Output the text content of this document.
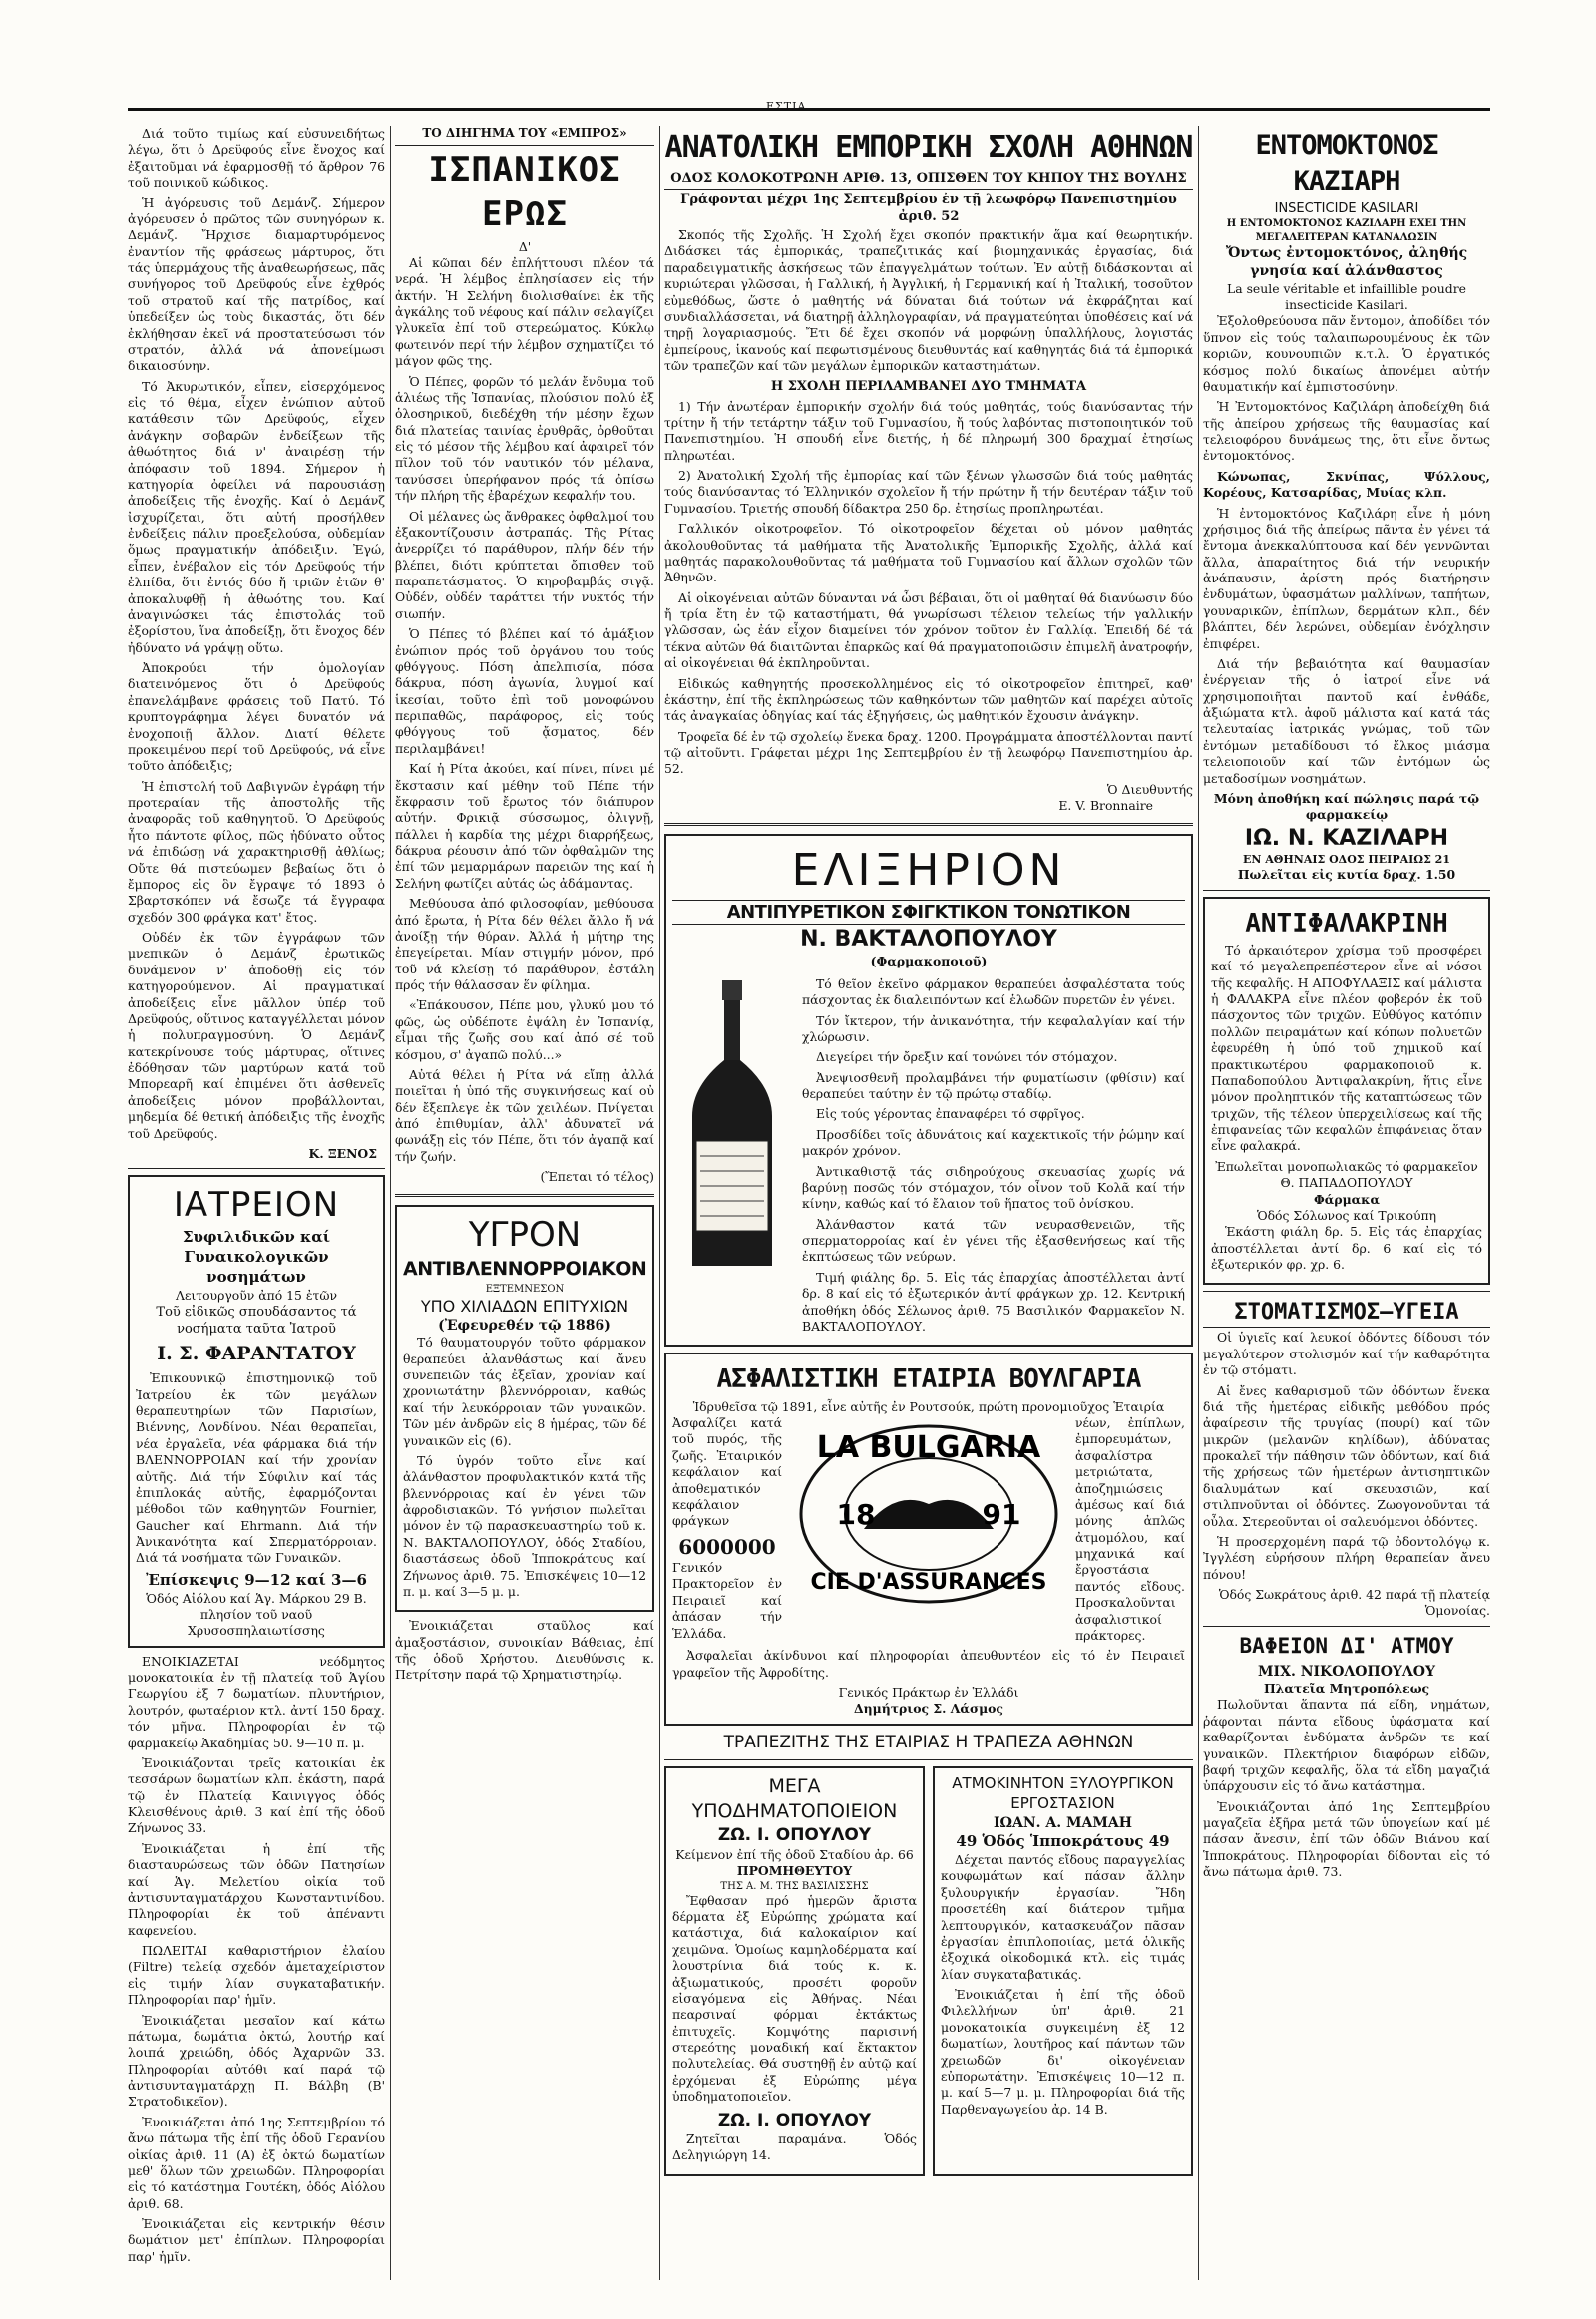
ΕΣΤΙΑ

Διά τοῦτο τιμίως καί εὐσυνειδήτως λέγω, ὅτι ὁ Δρεϋφούς εἶνε ἔνοχος καί ἐξαιτοῦμαι νά ἐφαρμοσθῇ τό ἄρθρον 76 τοῦ ποινικοῦ κώδικος.

Ἡ ἀγόρευσις τοῦ Δεμάνζ. Σήμερον ἀγόρευσεν ὁ πρῶτος τῶν συνηγόρων κ. Δεμάνζ. Ἤρχισε διαμαρτυρόμενος ἐναντίον τῆς φράσεως μάρτυρος, ὅτι τάς ὑπερμάχους τῆς ἀναθεωρήσεως, πᾶς συνήγορος τοῦ Δρεϋφούς εἶνε ἐχθρός τοῦ στρατοῦ καί τῆς πατρίδος, καί ὑπεδείξεν ὡς τοὺς δικαστάς, ὅτι δέν ἐκλήθησαν ἐκεῖ νά προστατεύσωσι τόν στρατόν, ἀλλά νά ἀπονείμωσι δικαιοσύνην.

Τό Ἀκυρωτικόν, εἶπεν, εἰσερχόμενος εἰς τό θέμα, εἶχεν ἐνώπιον αὐτοῦ κατάθεσιν τῶν Δρεϋφούς, εἶχεν ἀνάγκην σοβαρῶν ἐνδείξεων τῆς ἀθωότητος διά ν' ἀναιρέσῃ τήν ἀπόφασιν τοῦ 1894. Σήμερον ἡ κατηγορία ὀφείλει νά παρουσιάσῃ ἀποδείξεις τῆς ἐνοχῆς. Καί ὁ Δεμάνζ ἰσχυρίζεται, ὅτι αὐτή προσήλθεν ἐνδείξεις πάλιν προεξελούσα, οὐδεμίαν ὅμως πραγματικήν ἀπόδειξιν. Ἐγώ, εἶπεν, ἐνέβαλον εἰς τόν Δρεϋφούς τήν ἐλπίδα, ὅτι ἐντός δύο ἤ τριῶν ἐτῶν θ' ἀποκαλυφθῇ ἡ ἀθωότης του. Καί ἀναγινώσκει τάς ἐπιστολάς τοῦ ἐξορίστου, ἵνα ἀποδείξῃ, ὅτι ἔνοχος δέν ἠδύνατο νά γράψῃ οὕτω.

Ἀποκρούει τήν ὁμολογίαν διατεινόμενος ὅτι ὁ Δρεϋφούς ἐπανελάμβανε φράσεις τοῦ Πατύ. Τό κρυπτογράφημα λέγει δυνατόν νά ἐνοχοποιῇ ἄλλον. Διατί θέλετε προκειμένου περί τοῦ Δρεϋφούς, νά εἶνε τοῦτο ἀπόδειξις;

Ἡ ἐπιστολή τοῦ Δαβιγνῶν ἐγράφη τήν προτεραίαν τῆς ἀποστολῆς τῆς ἀναφορᾶς τοῦ καθηγητοῦ. Ὁ Δρεϋφούς ἦτο πάντοτε φίλος, πῶς ἠδύνατο οὗτος νά ἐπιδώσῃ νά χαρακτηρισθῇ ἀθλίως; Οὔτε θά πιστεύωμεν βεβαίως ὅτι ὁ ἔμπορος εἰς ὃν ἔγραψε τό 1893 ὁ Σβαρτσκόπεν νά ἔσωζε τά ἔγγραφα σχεδόν 300 φράγκα κατ' ἔτος.

Οὐδέν ἐκ τῶν ἐγγράφων τῶν μνεπικῶν ὁ Δεμάνζ ἐρωτικῶς δυνάμενον ν' ἀποδοθῇ εἰς τόν κατηγορούμενον. Αἱ πραγματικαί ἀποδείξεις εἶνε μᾶλλον ὑπέρ τοῦ Δρεϋφούς, οὕτινος καταγγέλλεται μόνον ἡ πολυπραγμοσύνη. Ὁ Δεμάνζ κατεκρίνουσε τούς μάρτυρας, οἵτινες ἐδόθησαν τῶν μαρτύρων κατά τοῦ Μπορεαρῆ καί ἐπιμένει ὅτι ἀσθενεῖς ἀποδείξεις μόνον προβάλλονται, μηδεμία δέ θετική ἀπόδειξις τῆς ἐνοχῆς τοῦ Δρεϋφούς.

Κ. ΞΕΝΟΣ
ΙΑΤΡΕΙΟΝ
Συφιλιδικῶν καί Γυναικολογικῶν νοσημάτων
Λειτουργοῦν ἀπό 15 ἐτῶν
Τοῦ εἰδικῶς σπουδάσαντος τά νοσήματα ταῦτα Ἰατροῦ
Ι. Σ. ΦΑΡΑΝΤΑΤΟΥ

Ἐπικουνικῷ ἐπιστημονικῷ τοῦ Ἰατρείου ἐκ τῶν μεγάλων θεραπευτηρίων τῶν Παρισίων, Βιέννης, Λονδίνου. Νέαι θεραπεῖαι, νέα ἐργαλεῖα, νέα φάρμακα διά τήν ΒΛΕΝΝΟΡΡΟΙΑΝ καί τήν χρονίαν αὐτῆς. Διά τήν Σύφιλιν καί τάς ἐπιπλοκάς αὐτῆς, ἐφαρμόζονται μέθοδοι τῶν καθηγητῶν Fournier, Gaucher καί Ehrmann. Διά τήν Ἀνικανότητα καί Σπερματόρροιαν. Διά τά νοσήματα τῶν Γυναικῶν.

Ἐπίσκεψις 9—12 καί 3—6
Ὁδός Αἰόλου καί Ἁγ. Μάρκου 29 Β. πλησίον τοῦ ναοῦ Χρυσοσπηλαιωτίσσης

ΕΝΟΙΚΙΑΖΕΤΑΙ νεόδμητος μονοκατοικία ἐν τῇ πλατείᾳ τοῦ Ἁγίου Γεωργίου ἐξ 7 δωματίων. πλυντήριον, λουτρόν, φωταέριον κτλ. ἀντί 150 δραχ. τόν μῆνα. Πληροφορίαι ἐν τῷ φαρμακείῳ Ἀκαδημίας 50. 9—10 π. μ.

Ἐνοικιάζονται τρεῖς κατοικίαι ἐκ τεσσάρων δωματίων κλπ. ἑκάστη, παρά τῷ ἐν Πλατείᾳ Καινιγγος ὁδός Κλεισθένους ἀριθ. 3 καί ἐπί τῆς ὁδοῦ Ζήνωνος 33.

Ἐνοικιάζεται ἡ ἐπί τῆς διασταυρώσεως τῶν ὁδῶν Πατησίων καί Ἁγ. Μελετίου οἰκία τοῦ ἀντισυνταγματάρχου Κωνσταντινίδου. Πληροφορίαι ἐκ τοῦ ἀπέναντι καφενείου.

ΠΩΛΕΙΤΑΙ καθαριστήριον ἐλαίου (Filtre) τελείᾳ σχεδόν ἀμεταχείριστον εἰς τιμήν λίαν συγκαταβατικήν. Πληροφορίαι παρ' ἡμῖν.

Ἐνοικιάζεται μεσαῖον καί κάτω πάτωμα, δωμάτια ὀκτώ, λουτήρ καί λοιπά χρειώδη, ὁδός Ἀχαρνῶν 33. Πληροφορίαι αὐτόθι καί παρά τῷ ἀντισυνταγματάρχῃ Π. Βάλβη (Β' Στρατοδικεῖον).

Ἐνοικιάζεται ἀπό 1ης Σεπτεμβρίου τό ἄνω πάτωμα τῆς ἐπί τῆς ὁδοῦ Γερανίου οἰκίας ἀριθ. 11 (Α) ἐξ ὀκτώ δωματίων μεθ' ὅλων τῶν χρειωδῶν. Πληροφορίαι εἰς τό κατάστημα Γουτέκη, ὁδός Αἰόλου ἀριθ. 68.

Ἐνοικιάζεται εἰς κεντρικήν θέσιν δωμάτιον μετ' ἐπίπλων. Πληροφορίαι παρ' ἡμῖν.

ΤΟ ΔΙΗΓΗΜΑ ΤΟΥ «ΕΜΠΡΟΣ»
ΙΣΠΑΝΙΚΟΣ ΕΡΩΣ
Δ'

Αἱ κῶπαι δέν ἐπλήττουσι πλέον τά νερά. Ἡ λέμβος ἐπλησίασεν εἰς τήν ἀκτήν. Ἡ Σελήνη διολισθαίνει ἐκ τῆς ἀγκάλης τοῦ νέφους καί πάλιν σελαγίζει γλυκεῖα ἐπί τοῦ στερεώματος. Κύκλῳ φωτεινόν περί τήν λέμβον σχηματίζει τό μάγον φῶς της.

Ὁ Πέπες, φορῶν τό μελάν ἔνδυμα τοῦ ἁλιέως τῆς Ἰσπανίας, πλούσιον πολύ ἐξ ὁλοσηρικοῦ, διεδέχθη τήν μέσην ἔχων διά πλατείας ταινίας ἐρυθρᾶς, ὀρθοῦται εἰς τό μέσον τῆς λέμβου καί ἀφαιρεῖ τόν πῖλον τοῦ τόν ναυτικόν τόν μέλανα, τανύσσει ὑπερήφανον πρός τά ὀπίσω τήν πλήρη τῆς ἐβαρέχων κεφαλήν του.

Οἱ μέλανες ὡς ἄνθρακες ὀφθαλμοί του ἐξακοντίζουσιν ἀστραπάς. Τῆς Ρίτας ἀνερρίζει τό παράθυρον, πλήν δέν τήν βλέπει, διότι κρύπτεται ὄπισθεν τοῦ παραπετάσματος. Ὁ κηροβαμβάς σιγᾷ. Οὐδέν, οὐδέν ταράττει τήν νυκτός τήν σιωπήν.

Ὁ Πέπες τό βλέπει καί τό ἁμάξιον ἐνώπιον πρός τοῦ ὀργάνου του τούς φθόγγους. Πόση ἀπελπισία, πόσα δάκρυα, πόση ἀγωνία, λυγμοί καί ἱκεσίαι, τοῦτο ἐπὶ τοῦ μονοφώνου περιπαθῶς, παράφορος, εἰς τούς φθόγγους τοῦ ᾄσματος, δέν περιλαμβάνει!

Καί ἡ Ρίτα ἀκούει, καί πίνει, πίνει μέ ἔκστασιν καί μέθην τοῦ Πέπε τήν ἔκφρασιν τοῦ ἔρωτος τόν διάπυρον αὐτήν. Φρικιᾷ σύσσωμος, ὀλιγνῇ, πάλλει ἡ καρδία της μέχρι διαρρήξεως, δάκρυα ρέουσιν ἀπό τῶν ὀφθαλμῶν της ἐπί τῶν μεμαρμάρων παρειῶν της καί ἡ Σελήνη φωτίζει αὐτάς ὡς ἀδάμαντας.

Μεθύουσα ἀπό φιλοσοφίαν, μεθύουσα ἀπό ἔρωτα, ἡ Ρίτα δέν θέλει ἄλλο ἤ νά ἀνοίξῃ τήν θύραν. Ἀλλά ἡ μήτηρ της ἐπεγείρεται. Μίαν στιγμήν μόνον, πρό τοῦ νά κλείσῃ τό παράθυρον, ἐστάλη πρός τήν θάλασσαν ἕν φίλημα.

«Ἐπάκουσον, Πέπε μου, γλυκύ μου τό φῶς, ὡς οὐδέποτε ἐψάλη ἐν Ἰσπανίᾳ, εἶμαι τῆς ζωῆς σου καί ἀπό σέ τοῦ κόσμου, σ' ἀγαπῶ πολύ...»

Αὐτά θέλει ἡ Ρίτα νά εἴπῃ ἀλλά ποιεῖται ἡ ὑπό τῆς συγκινήσεως καί οὐ δέν ἔξεπλεγε ἐκ τῶν χειλέων. Πνίγεται ἀπό ἐπιθυμίαν, ἀλλ' ἀδυνατεῖ νά φωνάξῃ εἰς τόν Πέπε, ὅτι τόν ἀγαπᾷ καί τήν ζωήν.

(Ἔπεται τό τέλος)
ΥΓΡΟΝ
ΑΝΤΙΒΛΕΝΝΟΡΡΟΙΑΚΟΝ
ΕΞΤΕΜΝΕΣΟΝ
ΥΠΟ ΧΙΛΙΑΔΩΝ ΕΠΙΤΥΧΙΩΝ
(Ἐφευρεθέν τῷ 1886)

Τό θαυματουργόν τοῦτο φάρμακον θεραπεύει ἀλανθάστως καί ἄνευ συνεπειῶν τάς ἐξεῖαν, χρονίαν καί χρονιωτάτην βλεννόρροιαν, καθώς καί τήν λευκόρροιαν τῶν γυναικῶν. Τῶν μέν ἀνδρῶν εἰς 8 ἡμέρας, τῶν δέ γυναικῶν εἰς (6).

Τό ὑγρόν τοῦτο εἶνε καί ἀλάνθαστον προφυλακτικόν κατά τῆς βλεννόρροιας καί ἐν γένει τῶν ἀφροδισιακῶν. Τό γνήσιον πωλεῖται μόνον ἐν τῷ παρασκευαστηρίῳ τοῦ κ. Ν. ΒΑΚΤΑΛΟΠΟΥΛΟΥ, ὁδός Σταδίου, διαστάσεως ὁδοῦ Ἱπποκράτους καί Ζήνωνος ἀριθ. 75. Ἐπισκέψεις 10—12 π. μ. καί 3—5 μ. μ.

Ἐνοικιάζεται σταῦλος καί ἀμαξοστάσιον, συνοικίαν Βάθειας, ἐπί τῆς ὁδοῦ Χρήστου. Διευθύνσις κ. Πετρίτσην παρά τῷ Χρηματιστηρίῳ.

ΑΝΑΤΟΛΙΚΗ ΕΜΠΟΡΙΚΗ ΣΧΟΛΗ ΑΘΗΝΩΝ
ΟΔΟΣ ΚΟΛΟΚΟΤΡΩΝΗ ΑΡΙΘ. 13, ΟΠΙΣΘΕΝ ΤΟΥ ΚΗΠΟΥ ΤΗΣ ΒΟΥΛΗΣ
Γράφονται μέχρι 1ης Σεπτεμβρίου ἐν τῇ λεωφόρῳ Πανεπιστημίου ἀριθ. 52

Σκοπός τῆς Σχολῆς. Ἡ Σχολή ἔχει σκοπόν πρακτικήν ἅμα καί θεωρητικήν. Διδάσκει τάς ἐμπορικάς, τραπεζιτικάς καί βιομηχανικάς ἐργασίας, διά παραδειγματικῆς ἀσκήσεως τῶν ἐπαγγελμάτων τούτων. Ἐν αὐτῇ διδάσκονται αἱ κυριώτεραι γλῶσσαι, ἡ Γαλλική, ἡ Ἀγγλική, ἡ Γερμανική καί ἡ Ἰταλική, τοσοῦτον εὐμεθόδως, ὥστε ὁ μαθητής νά δύναται διά τούτων νά ἐκφράζηται καί συνδιαλλάσσεται, νά διατηρῇ ἀλληλογραφίαν, νά πραγματεύηται ὑποθέσεις καί νά τηρῇ λογαριασμούς. Ἔτι δέ ἔχει σκοπόν νά μορφώνῃ ὑπαλλήλους, λογιστάς ἐμπείρους, ἱκανούς καί πεφωτισμένους διευθυντάς καί καθηγητάς διά τά ἐμπορικά τῶν τραπεζῶν καί τῶν μεγάλων ἐμπορικῶν καταστημάτων.

Η ΣΧΟΛΗ ΠΕΡΙΛΑΜΒΑΝΕΙ ΔΥΟ ΤΜΗΜΑΤΑ

1) Τήν ἀνωτέραν ἐμπορικήν σχολήν διά τούς μαθητάς, τούς διανύσαντας τήν τρίτην ἤ τήν τετάρτην τάξιν τοῦ Γυμνασίου, ἤ τούς λαβόντας πιστοποιητικόν τοῦ Πανεπιστημίου. Ἡ σπουδή εἶνε διετής, ἡ δέ πληρωμή 300 δραχμαί ἐτησίως πληρωτέαι.

2) Ἀνατολική Σχολή τῆς ἐμπορίας καί τῶν ξένων γλωσσῶν διά τούς μαθητάς τούς διανύσαντας τό Ἑλληνικόν σχολεῖον ἤ τήν πρώτην ἤ τήν δευτέραν τάξιν τοῦ Γυμνασίου. Τριετής σπουδή δίδακτρα 250 δρ. ἐτησίως προπληρωτέαι.

Γαλλικόν οἰκοτροφεῖον. Τό οἰκοτροφεῖον δέχεται οὐ μόνον μαθητάς ἀκολουθοῦντας τά μαθήματα τῆς Ἀνατολικῆς Ἐμπορικῆς Σχολῆς, ἀλλά καί μαθητάς παρακολουθοῦντας τά μαθήματα τοῦ Γυμνασίου καί ἄλλων σχολῶν τῶν Ἀθηνῶν.

Αἱ οἰκογένειαι αὐτῶν δύνανται νά ὦσι βέβαιαι, ὅτι οἱ μαθηταί θά διανύωσιν δύο ἤ τρία ἔτη ἐν τῷ καταστήματι, θά γνωρίσωσι τέλειον τελείως τήν γαλλικήν γλῶσσαν, ὡς ἐάν εἶχον διαμείνει τόν χρόνον τοῦτον ἐν Γαλλίᾳ. Ἐπειδή δέ τά τέκνα αὐτῶν θά διαιτῶνται ἐπαρκῶς καί θά πραγματοποιῶσιν ἐπιμελῆ ἀνατροφήν, αἱ οἰκογένειαι θά ἐκπληροῦνται.

Εἰδικώς καθηγητής προσεκολλημένος εἰς τό οἰκοτροφεῖον ἐπιτηρεῖ, καθ' ἑκάστην, ἐπί τῆς ἐκπληρώσεως τῶν καθηκόντων τῶν μαθητῶν καί παρέχει αὐτοῖς τάς ἀναγκαίας ὁδηγίας καί τάς ἐξηγήσεις, ὡς μαθητικόν ἔχουσιν ἀνάγκην.

Τροφεῖα δέ ἐν τῷ σχολείῳ ἕνεκα δραχ. 1200. Προγράμματα ἀποστέλλονται παντί τῷ αἰτοῦντι. Γράφεται μέχρι 1ης Σεπτεμβρίου ἐν τῇ λεωφόρῳ Πανεπιστημίου ἀρ. 52.

Ὁ Διευθυντής
E. V. Bronnaire
ΕΛΙΞΗΡΙΟΝ
ΑΝΤΙΠΥΡΕΤΙΚΟΝ ΣΦΙΓΚΤΙΚΟΝ ΤΟΝΩΤΙΚΟΝ
Ν. ΒΑΚΤΑΛΟΠΟΥΛΟΥ
(Φαρμακοποιοῦ)

Τό θεῖον ἐκεῖνο φάρμακον θεραπεύει ἀσφαλέστατα τούς πάσχοντας ἐκ διαλειπόντων καί ἑλωδῶν πυρετῶν ἐν γένει.

Τόν ἴκτερον, τήν ἀνικανότητα, τήν κεφαλαλγίαν καί τήν χλώρωσιν.

Διεγείρει τήν ὄρεξιν καί τονώνει τόν στόμαχον.

Ἀνεψιοσθενῆ προλαμβάνει τήν φυματίωσιν (φθίσιν) καί θεραπεύει ταύτην ἐν τῷ πρώτῳ σταδίῳ.

Εἰς τούς γέροντας ἐπαναφέρει τό σφρῖγος.

Προσδίδει τοῖς ἀδυνάτοις καί καχεκτικοῖς τήν ῥώμην καί μακρόν χρόνον.

Ἀντικαθιστᾷ τάς σιδηρούχους σκευασίας χωρίς νά βαρύνῃ ποσῶς τόν στόμαχον, τόν οἶνον τοῦ Κολᾶ καί τήν κίνην, καθώς καί τό ἔλαιον τοῦ ἥπατος τοῦ ὀνίσκου.

Ἀλάνθαστον κατά τῶν νευρασθενειῶν, τῆς σπερματορροίας καί ἐν γένει τῆς ἐξασθενήσεως καί τῆς ἐκπτώσεως τῶν νεύρων.

Τιμή φιάλης δρ. 5. Εἰς τάς ἐπαρχίας ἀποστέλλεται ἀντί δρ. 8 καί εἰς τό ἐξωτερικόν ἀντί φράγκων χρ. 12. Κεντρική ἀποθήκη ὁδός Σέλωνος ἀριθ. 75 Βασιλικόν Φαρμακεῖον Ν. ΒΑΚΤΑΛΟΠΟΥΛΟΥ.

ΑΣΦΑΛΙΣΤΙΚΗ ΕΤΑΙΡΙΑ ΒΟΥΛΓΑΡΙΑ
Ἱδρυθεῖσα τῷ 1891, εἶνε αὐτῆς ἐν Ρουτσούκ, πρώτη προνομιοῦχος Ἑταιρία

Ἀσφαλίζει κατά τοῦ πυρός, τῆς ζωῆς. Ἑταιρικόν κεφάλαιον καί ἀποθεματικόν κεφάλαιον φράγκων

6000000

Γενικόν Πρακτορεῖον ἐν Πειραιεῖ καί ἀπάσαν τήν Ἑλλάδα.

LA BULGARIA
18	91
CIE D'ASSURANCES

νέων, ἐπίπλων, ἐμπορευμάτων, ἀσφαλίστρα μετριώτατα, ἀποζημιώσεις ἀμέσως καί διά μόνης ἀπλῶς ἀτμομόλου, καί μηχανικά καί ἔργοστάσια παντός εἴδους. Προσκαλοῦνται ἀσφαλιστικοί πράκτορες.

Ἀσφαλεῖαι ἀκίνδυνοι καί πληροφορίαι ἀπευθυντέον εἰς τό ἐν Πειραιεῖ γραφεῖον τῆς Ἀφροδίτης.

Γενικός Πράκτωρ ἐν Ἑλλάδι
Δημήτριος Σ. Λάσμος
ΤΡΑΠΕΖΙΤΗΣ ΤΗΣ ΕΤΑΙΡΙΑΣ Η ΤΡΑΠΕΖΑ ΑΘΗΝΩΝ
ΜΕΓΑ ΥΠΟΔΗΜΑΤΟΠΟΙΕΙΟΝ
ΖΩ. Ι. ΟΠΟΥΛΟΥ
Κείμενον ἐπί τῆς ὁδοῦ Σταδίου ἀρ. 66
ΠΡΟΜΗΘΕΥΤΟΥ
ΤΗΣ Α. Μ. ΤΗΣ ΒΑΣΙΛΙΣΣΗΣ

Ἔφθασαν πρό ἡμερῶν ἄριστα δέρματα ἐξ Εὐρώπης χρώματα καί κατάστιχα, διά καλοκαίριον καί χειμῶνα. Ὁμοίως καμηλοδέρματα καί λουστρίνια διά τούς κ. κ. ἀξιωματικούς, προσέτι φοροῦν εἰσαγόμενα εἰς Ἀθήνας. Νέαι πεαρσιναί φόρμαι ἐκτάκτως ἐπιτυχεῖς. Κομψότης παρισινή στερεότης μοναδική καί ἔκτακτον πολυτελείας. Θά συστηθῇ ἐν αὐτῷ καί ἐρχόμεναι ἐξ Εὐρώπης μέγα ὑποδηματοποιεῖον.

ΖΩ. Ι. ΟΠΟΥΛΟΥ

Ζητεῖται παραμάνα. Ὁδός Δεληγιώργη 14.

ΑΤΜΟΚΙΝΗΤΟΝ ΞΥΛΟΥΡΓΙΚΟΝ ΕΡΓΟΣΤΑΣΙΟΝ
ΙΩΑΝ. Α. ΜΑΜΑΗ
49 Ὁδός Ἱπποκράτους 49

Δέχεται παντός εἴδους παραγγελίας κουφωμάτων καί πάσαν ἄλλην ξυλουργικήν ἐργασίαν. Ἤδη προσετέθη καί διάτερον τμῆμα λεπτουργικόν, κατασκευάζον πᾶσαν ἐργασίαν ἐπιπλοποιίας, μετά ὁλικῆς ἐξοχικά οἰκοδομικά κτλ. εἰς τιμάς λίαν συγκαταβατικάς.

Ἐνοικιάζεται ἡ ἐπί τῆς ὁδοῦ Φιλελλήνων ὑπ' ἀριθ. 21 μονοκατοικία συγκειμένη ἐξ 12 δωματίων, λουτῆρος καί πάντων τῶν χρειωδῶν δι' οἰκογένειαν εὐπορωτάτην. Ἐπισκέψεις 10—12 π. μ. καί 5—7 μ. μ. Πληροφορίαι διά τῆς Παρθεναγωγείου ἀρ. 14 Β.

ΕΝΤΟΜΟΚΤΟΝΟΣ ΚΑΖΙΑΡΗ
INSECTICIDE KASILARI
Η ΕΝΤΟΜΟΚΤΟΝΟΣ ΚΑΖΙΛΑΡΗ ΕΧΕΙ ΤΗΝ ΜΕΓΑΛΕΙΤΕΡΑΝ ΚΑΤΑΝΑΛΩΣΙΝ
Ὄντως ἐντομοκτόνος, ἀληθής γνησία καί ἀλάνθαστος
La seule véritable et infaillible poudre insecticide Kasilari.

Ἐξολοθρεύουσα πᾶν ἔντομον, ἀποδίδει τόν ὕπνον εἰς τούς ταλαιπωρουμένους ἐκ τῶν κοριῶν, κουνουπιῶν κ.τ.λ. Ὁ ἐργατικός κόσμος πολύ δικαίως ἀπονέμει αὐτήν θαυματικήν καί ἐμπιστοσύνην.

Ἡ Ἐντομοκτόνος Καζιλάρη ἀποδείχθη διά τῆς ἀπείρου χρήσεως τῆς θαυμασίας καί τελειοφόρου δυνάμεως της, ὅτι εἶνε ὄντως ἐντομοκτόνος.

Κώνωπας, Σκνίπας, Ψύλλους, Κορέους, Κατσαρίδας, Μυίας κλπ.

Ἡ ἐντομοκτόνος Καζιλάρη εἶνε ἡ μόνη χρήσιμος διά τῆς ἀπείρως πᾶντα ἐν γένει τά ἔντομα ἀνεκκαλύπτουσα καί δέν γεννῶνται ἄλλα, ἀπαραίτητος διά τήν νευρικήν ἀνάπαυσιν, ἀρίστη πρός διατήρησιν ἐνδυμάτων, ὑφασμάτων μαλλίνων, ταπήτων, γουναρικῶν, ἐπίπλων, δερμάτων κλπ., δέν βλάπτει, δέν λερώνει, οὐδεμίαν ἐνόχλησιν ἐπιφέρει.

Διά τήν βεβαιότητα καί θαυμασίαν ἐνέργειαν τῆς ὁ ἰατροί εἶνε νά χρησιμοποιῆται παντοῦ καί ἐνθάδε, ἀξιώματα κτλ. ἀφοῦ μάλιστα καί κατά τάς τελευταίας ἰατρικάς γνώμας, τοῦ τῶν ἐντόμων μεταδίδουσι τό ἕλκος μιάσμα τελειοποιοῦν καί τῶν ἐντόμων ὡς μεταδοσίμων νοσημάτων.

Μόνη ἀποθήκη καί πώλησις παρά τῷ φαρμακείῳ
ΙΩ. Ν. ΚΑΖΙΛΑΡΗ
ΕΝ ΑΘΗΝΑΙΣ ΟΔΟΣ ΠΕΙΡΑΙΩΣ 21
Πωλεῖται εἰς κυτία δραχ. 1.50
ΑΝΤΙΦΑΛΑΚΡΙΝΗ

Τό ἀρκαιότερον χρίσμα τοῦ προσφέρει καί τό μεγαλεπρεπέστερον εἶνε αἱ νόσοι τῆς κεφαλῆς. Η ΑΠΟΦΥΛΑΞΙΣ καί μάλιστα ἡ ΦΑΛΑΚΡΑ εἶνε πλέον φοβερόν ἐκ τοῦ πάσχοντος τῶν τριχῶν. Εὐθύγος κατόπιν πολλῶν πειραμάτων καί κόπων πολυετῶν ἐφευρέθη ἡ ὑπό τοῦ χημικοῦ καί πρακτικωτέρου φαρμακοποιοῦ κ. Παπαδοπούλου Ἀντιφαλακρίνη, ἥτις εἶνε μόνον προληπτικόν τῆς καταπτώσεως τῶν τριχῶν, τῆς τέλεον ὑπερχειλίσεως καί τῆς ἐπιφανείας τῶν κεφαλῶν ἐπιφάνειας ὅταν εἶνε φαλακρά.

Ἐπωλεῖται μονοπωλιακῶς τό φαρμακεῖον Θ. ΠΑΠΑΔΟΠΟΥΛΟΥ
Φάρμακα
Ὁδός Σόλωνος καί Τρικούπη

Ἑκάστη φιάλη δρ. 5. Εἰς τάς ἐπαρχίας ἀποστέλλεται ἀντί δρ. 6 καί εἰς τό ἐξωτερικόν φρ. χρ. 6.

ΣΤΟΜΑΤΙΣΜΟΣ—ΥΓΕΙΑ

Οἱ ὑγιεῖς καί λευκοί ὀδόντες δίδουσι τόν μεγαλύτερον στολισμόν καί τήν καθαρότητα ἐν τῷ στόματι.

Αἱ ἔνες καθαρισμοῦ τῶν ὀδόντων ἕνεκα διά τῆς ἡμετέρας εἰδικῆς μεθόδου πρός ἀφαίρεσιν τῆς τρυγίας (πουρί) καί τῶν μικρῶν (μελανῶν κηλίδων), ἀδύνατας προκαλεῖ τήν πάθησιν τῶν ὀδόντων, καί διά τῆς χρήσεως τῶν ἡμετέρων ἀντισηπτικῶν διαλυμάτων καί σκευασιῶν, καί στιλπνοῦνται οἱ ὀδόντες. Ζωογονοῦνται τά οὖλα. Στερεοῦνται οἱ σαλευόμενοι ὀδόντες.

Ἡ προσερχομένη παρά τῷ ὀδοντολόγῳ κ. Ἰγγλέση εὑρήσουν πλήρη θεραπείαν ἄνευ πόνου!

Ὁδός Σωκράτους ἀριθ. 42 παρά τῇ πλατείᾳ Ὁμονοίας.

ΒΑΦΕΙΟΝ ΔΙ' ΑΤΜΟΥ
ΜΙΧ. ΝΙΚΟΛΟΠΟΥΛΟΥ
Πλατεῖα Μητροπόλεως

Πωλοῦνται ἅπαντα πά εἴδη, νημάτων, ῥάφονται πάντα εἴδους ὑφάσματα καί καθαρίζονται ἐνδύματα ἀνδρῶν τε καί γυναικῶν. Πλεκτήριον διαφόρων εἰδῶν, βαφή τριχῶν κεφαλῆς, ὅλα τά εἴδη μαγαζιά ὑπάρχουσιν εἰς τό ἄνω κατάστημα.

Ἐνοικιάζονται ἀπό 1ης Σεπτεμβρίου μαγαζεῖα ἐξῆρα μετά τῶν ὑπογείων καί μέ πάσαν ἄνεσιν, ἐπί τῶν ὁδῶν Βιάνου καί Ἱπποκράτους. Πληροφορίαι δίδονται εἰς τό ἄνω πάτωμα ἀριθ. 73.
